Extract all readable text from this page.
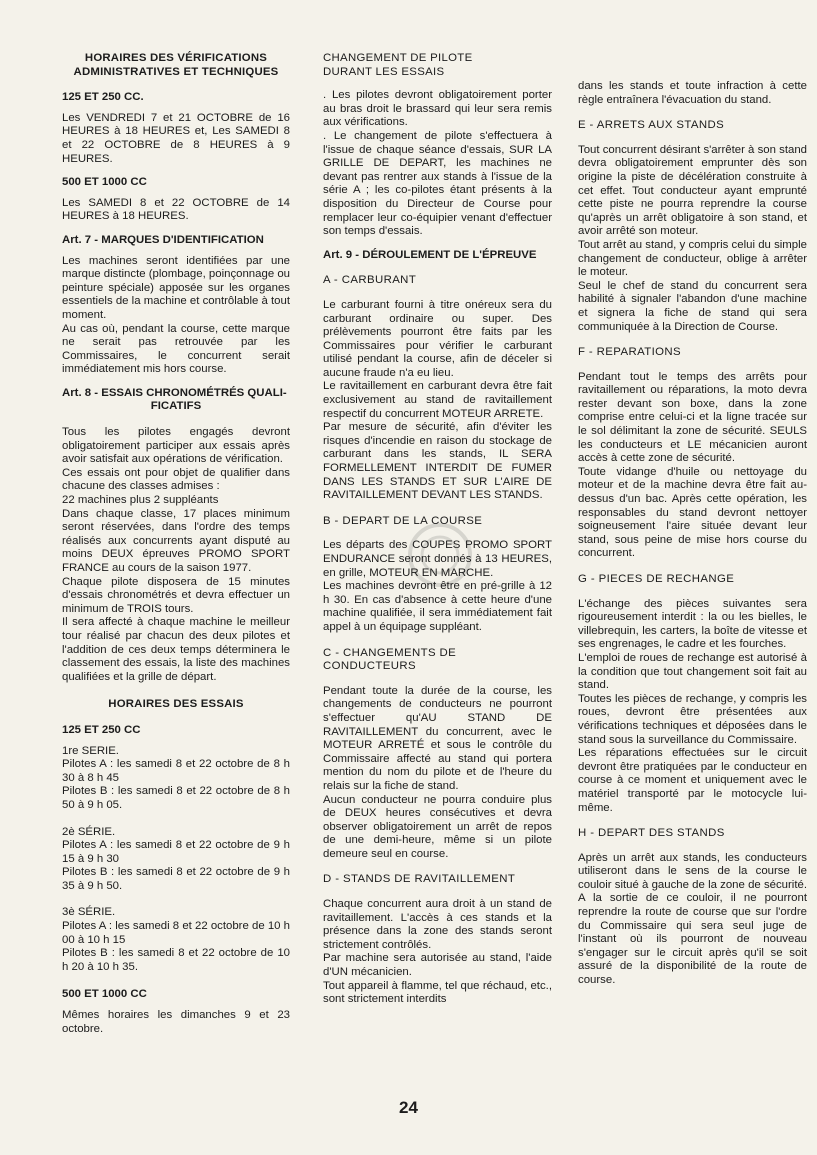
HORAIRES DES VÉRIFICATIONS
ADMINISTRATIVES ET TECHNIQUES
125 ET 250 CC.

Les VENDREDI 7 et 21 OCTOBRE de 16 HEURES à 18 HEURES et, Les SAMEDI 8 et 22 OCTOBRE de 8 HEURES à 9 HEURES.

500 ET 1000 CC

Les SAMEDI 8 et 22 OCTOBRE de 14 HEURES à 18 HEURES.

Art. 7 - MARQUES D'IDENTIFICATION

Les machines seront identifiées par une marque distincte (plombage, poinçonnage ou peinture spéciale) apposée sur les organes essentiels de la machine et contrôlable à tout moment.

Au cas où, pendant la course, cette marque ne serait pas retrouvée par les Commissaires, le concurrent serait immédiatement mis hors course.

Art. 8 - ESSAIS CHRONOMÉTRÉS QUALI-
FICATIFS

Tous les pilotes engagés devront obligatoirement participer aux essais après avoir satisfait aux opérations de vérification.

Ces essais ont pour objet de qualifier dans chacune des classes admises :

22 machines plus 2 suppléants

Dans chaque classe, 17 places minimum seront réservées, dans l'ordre des temps réalisés aux concurrents ayant disputé au moins DEUX épreuves PROMO SPORT FRANCE au cours de la saison 1977.

Chaque pilote disposera de 15 minutes d'essais chronométrés et devra effectuer un minimum de TROIS tours.

Il sera affecté à chaque machine le meilleur tour réalisé par chacun des deux pilotes et l'addition de ces deux temps déterminera le classement des essais, la liste des machines qualifiées et la grille de départ.

HORAIRES DES ESSAIS
125 ET 250 CC

1re SERIE.

Pilotes A : les samedi 8 et 22 octobre de 8 h 30 à 8 h 45

Pilotes B : les samedi 8 et 22 octobre de 8 h 50 à 9 h 05.

2è SÉRIE.

Pilotes A : les samedi 8 et 22 octobre de 9 h 15 à 9 h 30

Pilotes B : les samedi 8 et 22 octobre de 9 h 35 à 9 h 50.

3è SÉRIE.

Pilotes A : les samedi 8 et 22 octobre de 10 h 00 à 10 h 15

Pilotes B : les samedi 8 et 22 octobre de 10 h 20 à 10 h 35.

500 ET 1000 CC

Mêmes horaires les dimanches 9 et 23 octobre.

CHANGEMENT DE PILOTE
DURANT LES ESSAIS

. Les pilotes devront obligatoirement porter au bras droit le brassard qui leur sera remis aux vérifications.

. Le changement de pilote s'effectuera à l'issue de chaque séance d'essais, SUR LA GRILLE DE DEPART, les machines ne devant pas rentrer aux stands à l'issue de la série A ; les co-pilotes étant présents à la disposition du Directeur de Course pour remplacer leur co-équipier venant d'effectuer son temps d'essais.

Art. 9 - DÉROULEMENT DE L'ÉPREUVE
A - CARBURANT

Le carburant fourni à titre onéreux sera du carburant ordinaire ou super. Des prélèvements pourront être faits par les Commissaires pour vérifier le carburant utilisé pendant la course, afin de déceler si aucune fraude n'a eu lieu.

Le ravitaillement en carburant devra être fait exclusivement au stand de ravitaillement respectif du concurrent MOTEUR ARRETE.

Par mesure de sécurité, afin d'éviter les risques d'incendie en raison du stockage de carburant dans les stands, IL SERA FORMELLEMENT INTERDIT DE FUMER DANS LES STANDS ET SUR L'AIRE DE RAVITAILLEMENT DEVANT LES STANDS.

B - DEPART DE LA COURSE

Les départs des COUPES PROMO SPORT ENDURANCE seront donnés à 13 HEURES, en grille, MOTEUR EN MARCHE.

Les machines devront être en pré-grille à 12 h 30. En cas d'absence à cette heure d'une machine qualifiée, il sera immédiatement fait appel à un équipage suppléant.

C - CHANGEMENTS DE CONDUCTEURS

Pendant toute la durée de la course, les changements de conducteurs ne pourront s'effectuer qu'AU STAND DE RAVITAILLEMENT du concurrent, avec le MOTEUR ARRETÉ et sous le contrôle du Commissaire affecté au stand qui portera mention du nom du pilote et de l'heure du relais sur la fiche de stand.

Aucun conducteur ne pourra conduire plus de DEUX heures consécutives et devra observer obligatoirement un arrêt de repos de une demi-heure, même si un pilote demeure seul en course.

D - STANDS DE RAVITAILLEMENT

Chaque concurrent aura droit à un stand de ravitaillement. L'accès à ces stands et la présence dans la zone des stands seront strictement contrôlés.

Par machine sera autorisée au stand, l'aide d'UN mécanicien.

Tout appareil à flamme, tel que réchaud, etc., sont strictement interdits

dans les stands et toute infraction à cette règle entraînera l'évacuation du stand.

E - ARRETS AUX STANDS

Tout concurrent désirant s'arrêter à son stand devra obligatoirement emprunter dès son origine la piste de décélération construite à cet effet. Tout conducteur ayant emprunté cette piste ne pourra reprendre la course qu'après un arrêt obligatoire à son stand, et avoir arrêté son moteur.

Tout arrêt au stand, y compris celui du simple changement de conducteur, oblige à arrêter le moteur.

Seul le chef de stand du concurrent sera habilité à signaler l'abandon d'une machine et signera la fiche de stand qui sera communiquée à la Direction de Course.

F - REPARATIONS

Pendant tout le temps des arrêts pour ravitaillement ou réparations, la moto devra rester devant son boxe, dans la zone comprise entre celui-ci et la ligne tracée sur le sol délimitant la zone de sécurité. SEULS les conducteurs et LE mécanicien auront accès à cette zone de sécurité.

Toute vidange d'huile ou nettoyage du moteur et de la machine devra être fait au-dessus d'un bac. Après cette opération, les responsables du stand devront nettoyer soigneusement l'aire située devant leur stand, sous peine de mise hors course du concurrent.

G - PIECES DE RECHANGE

L'échange des pièces suivantes sera rigoureusement interdit : la ou les bielles, le villebrequin, les carters, la boîte de vitesse et ses engrenages, le cadre et les fourches.

L'emploi de roues de rechange est autorisé à la condition que tout changement soit fait au stand.

Toutes les pièces de rechange, y compris les roues, devront être présentées aux vérifications techniques et déposées dans le stand sous la surveillance du Commissaire.

Les réparations effectuées sur le circuit devront être pratiquées par le conducteur en course à ce moment et uniquement avec le matériel transporté par le motocycle lui-même.

H - DEPART DES STANDS

Après un arrêt aux stands, les conducteurs utiliseront dans le sens de la course le couloir situé à gauche de la zone de sécurité. A la sortie de ce couloir, il ne pourront reprendre la route de course que sur l'ordre du Commissaire qui sera seul juge de l'instant où ils pourront de nouveau s'engager sur le circuit après qu'il se soit assuré de la disponibilité de la route de course.

24
